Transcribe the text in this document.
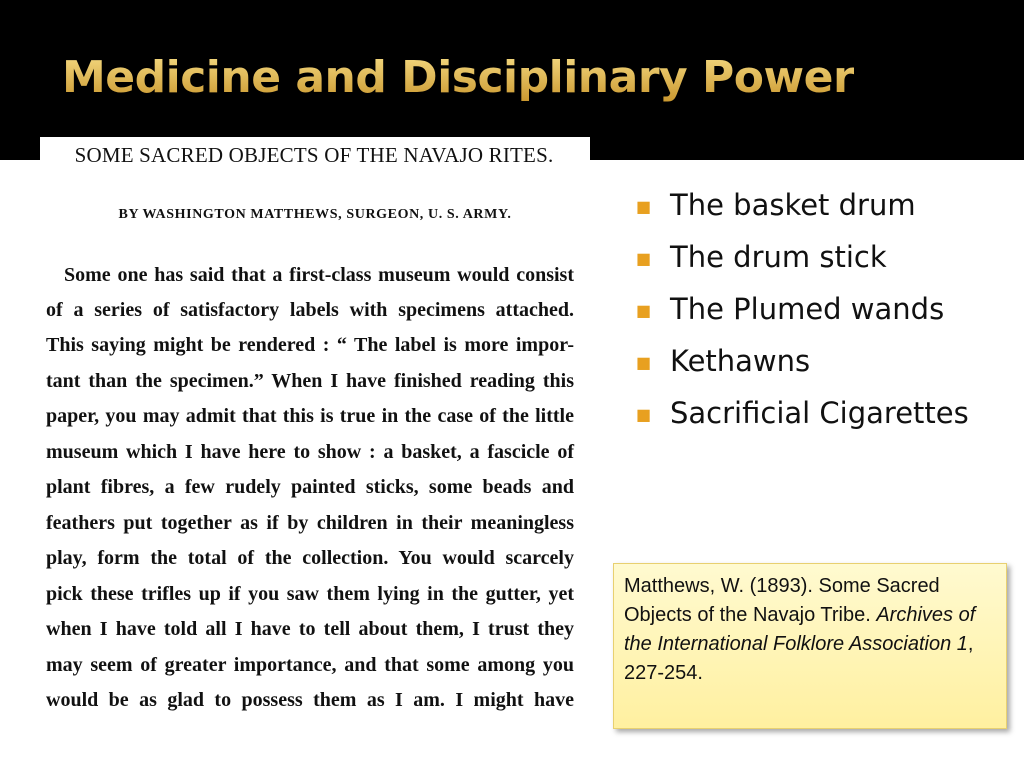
Medicine and Disciplinary Power
SOME SACRED OBJECTS OF THE NAVAJO RITES.

BY WASHINGTON MATTHEWS, SURGEON, U. S. ARMY.

Some one has said that a first-class museum would consist

of a series of satisfactory labels with specimens attached.

This saying might be rendered : “ The label is more impor-

tant than the specimen.” When I have finished reading this

paper, you may admit that this is true in the case of the little

museum which I have here to show : a basket, a fascicle of

plant fibres, a few rudely painted sticks, some beads and

feathers put together as if by children in their meaningless

play, form the total of the collection. You would scarcely

pick these trifles up if you saw them lying in the gutter, yet

when I have told all I have to tell about them, I trust they

may seem of greater importance, and that some among you

would be as glad to possess them as I am. I might have

■ The basket drum
■ The drum stick
■ The Plumed wands
■ Kethawns
■ Sacrificial Cigarettes
Matthews, W. (1893). Some Sacred Objects of the Navajo Tribe. Archives of the International Folklore Association 1, 227-254.
